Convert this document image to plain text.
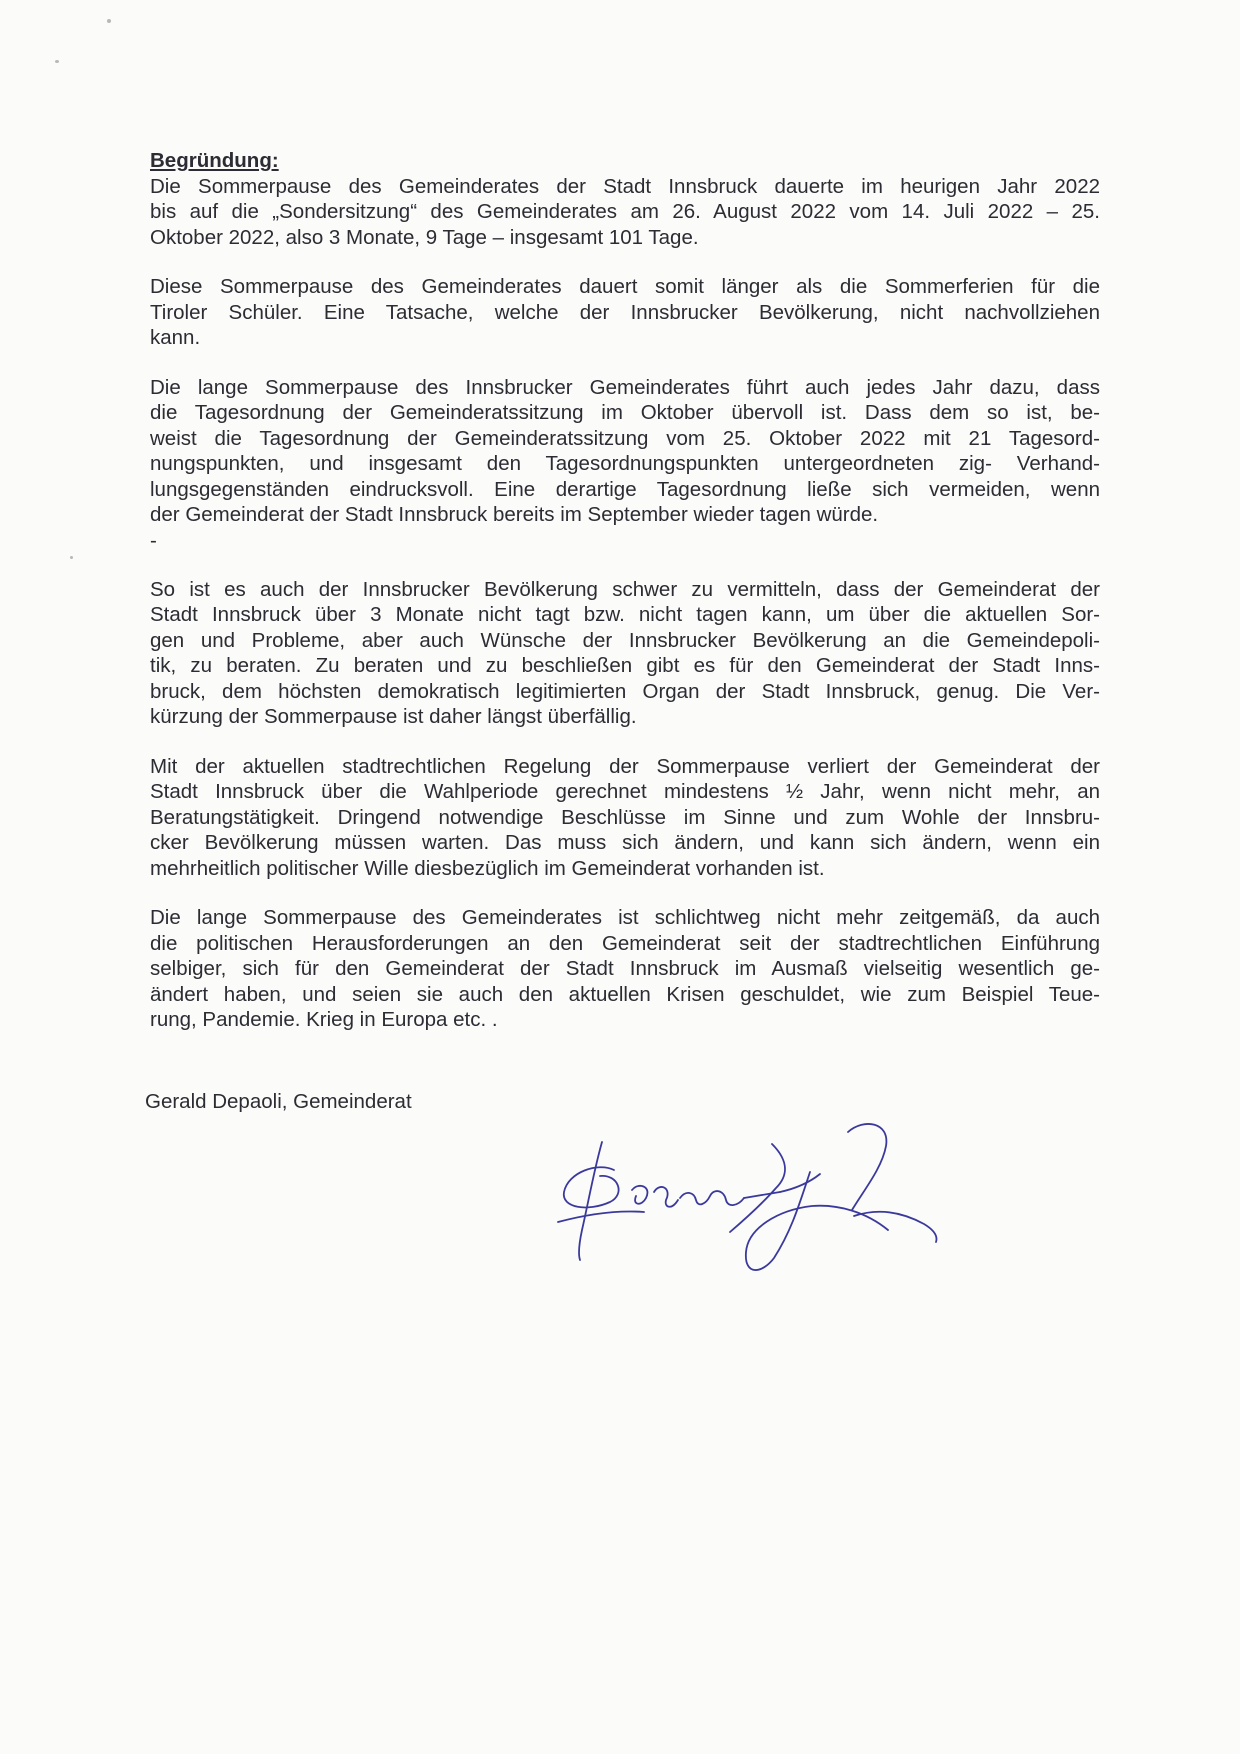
Begründung:
Die Sommerpause des Gemeinderates der Stadt Innsbruck dauerte im heurigen Jahr 2022
bis auf die „Sondersitzung“ des Gemeinderates am 26. August 2022 vom 14. Juli 2022 – 25.
Oktober 2022, also 3 Monate, 9 Tage – insgesamt 101 Tage.
Diese Sommerpause des Gemeinderates dauert somit länger als die Sommerferien für die
Tiroler Schüler. Eine Tatsache, welche der Innsbrucker Bevölkerung, nicht nachvollziehen
kann.
Die lange Sommerpause des Innsbrucker Gemeinderates führt auch jedes Jahr dazu, dass
die Tagesordnung der Gemeinderatssitzung im Oktober übervoll ist. Dass dem so ist, be-
weist die Tagesordnung der Gemeinderatssitzung vom 25. Oktober 2022 mit 21 Tagesord-
nungspunkten, und insgesamt den Tagesordnungspunkten untergeordneten zig- Verhand-
lungsgegenständen eindrucksvoll. Eine derartige Tagesordnung ließe sich vermeiden, wenn
der Gemeinderat der Stadt Innsbruck bereits im September wieder tagen würde.
-
So ist es auch der Innsbrucker Bevölkerung schwer zu vermitteln, dass der Gemeinderat der
Stadt Innsbruck über 3 Monate nicht tagt bzw. nicht tagen kann, um über die aktuellen Sor-
gen und Probleme, aber auch Wünsche der Innsbrucker Bevölkerung an die Gemeindepoli-
tik, zu beraten. Zu beraten und zu beschließen gibt es für den Gemeinderat der Stadt Inns-
bruck, dem höchsten demokratisch legitimierten Organ der Stadt Innsbruck, genug. Die Ver-
kürzung der Sommerpause ist daher längst überfällig.
Mit der aktuellen stadtrechtlichen Regelung der Sommerpause verliert der Gemeinderat der
Stadt Innsbruck über die Wahlperiode gerechnet mindestens ½ Jahr, wenn nicht mehr, an
Beratungstätigkeit. Dringend notwendige Beschlüsse im Sinne und zum Wohle der Innsbru-
cker Bevölkerung müssen warten. Das muss sich ändern, und kann sich ändern, wenn ein
mehrheitlich politischer Wille diesbezüglich im Gemeinderat vorhanden ist.
Die lange Sommerpause des Gemeinderates ist schlichtweg nicht mehr zeitgemäß, da auch
die politischen Herausforderungen an den Gemeinderat seit der stadtrechtlichen Einführung
selbiger, sich für den Gemeinderat der Stadt Innsbruck im Ausmaß vielseitig wesentlich ge-
ändert haben, und seien sie auch den aktuellen Krisen geschuldet, wie zum Beispiel Teue-
rung, Pandemie. Krieg in Europa etc. .
Gerald Depaoli, Gemeinderat
